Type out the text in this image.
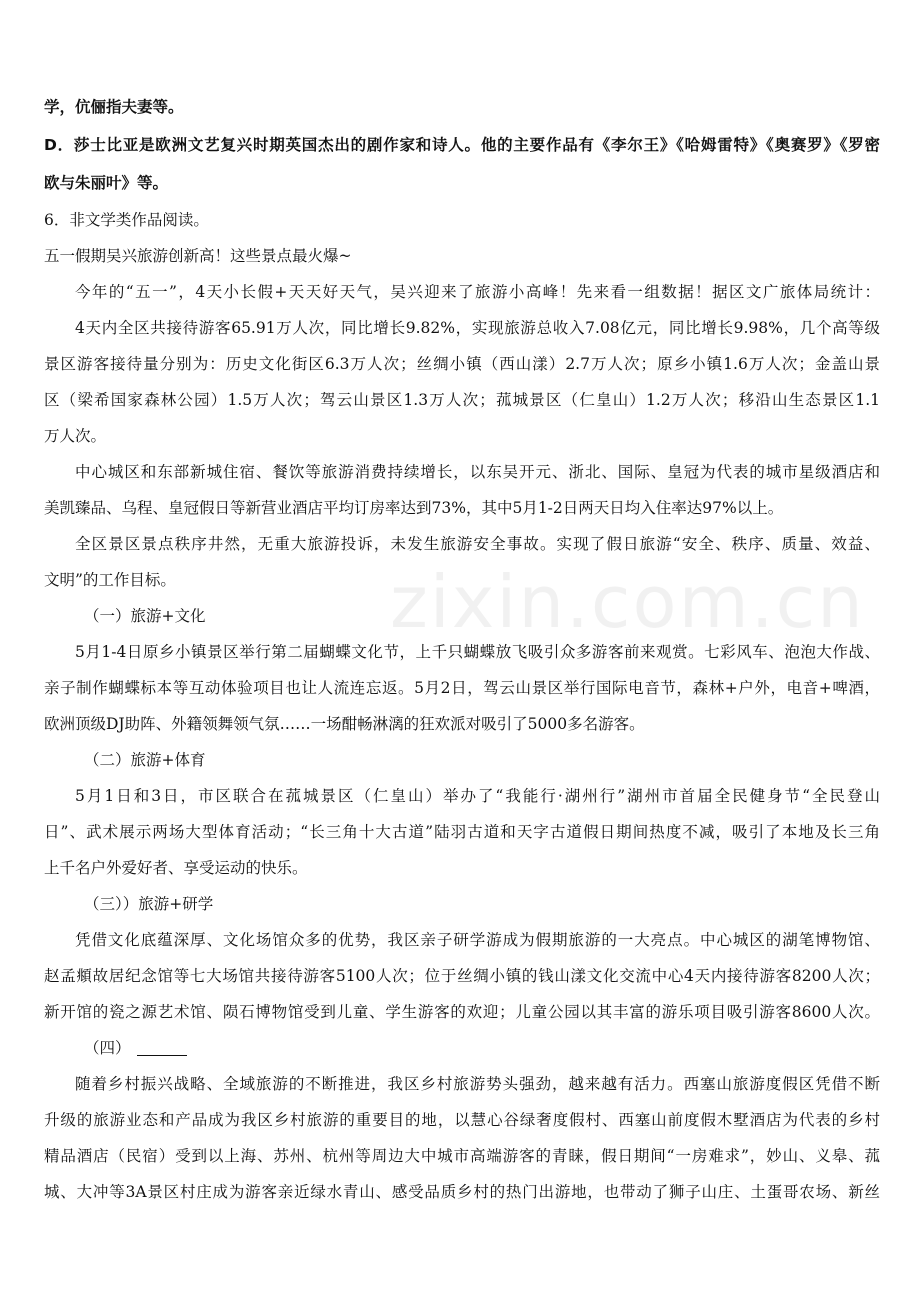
zixin.com.cn
学，伉俪指夫妻等。
D．莎士比亚是欧洲文艺复兴时期英国杰出的剧作家和诗人。他的主要作品有《李尔王》《哈姆雷特》《奥赛罗》《罗密
欧与朱丽叶》等。
6．非文学类作品阅读。
五一假期吴兴旅游创新高！这些景点最火爆~
今年的“五一”，4天小长假+天天好天气，吴兴迎来了旅游小高峰！先来看一组数据！据区文广旅体局统计：
4天内全区共接待游客65.91万人次，同比增长9.82%，实现旅游总收入7.08亿元，同比增长9.98%，几个高等级
景区游客接待量分别为：历史文化街区6.3万人次；丝绸小镇（西山漾）2.7万人次；原乡小镇1.6万人次；金盖山景
区（梁希国家森林公园）1.5万人次；驾云山景区1.3万人次；菰城景区（仁皇山）1.2万人次；移沿山生态景区1.1
万人次。
中心城区和东部新城住宿、餐饮等旅游消费持续增长，以东吴开元、浙北、国际、皇冠为代表的城市星级酒店和
美凯臻品、乌程、皇冠假日等新营业酒店平均订房率达到73%，其中5月1-2日两天日均入住率达97%以上。
全区景区景点秩序井然，无重大旅游投诉，未发生旅游安全事故。实现了假日旅游“安全、秩序、质量、效益、
文明”的工作目标。
（一）旅游+文化
5月1-4日原乡小镇景区举行第二届蝴蝶文化节，上千只蝴蝶放飞吸引众多游客前来观赏。七彩风车、泡泡大作战、
亲子制作蝴蝶标本等互动体验项目也让人流连忘返。5月2日，驾云山景区举行国际电音节，森林+户外，电音+啤酒，
欧洲顶级DJ助阵、外籍领舞领气氛……一场酣畅淋漓的狂欢派对吸引了5000多名游客。
（二）旅游+体育
5月1日和3日，市区联合在菰城景区（仁皇山）举办了“我能行·湖州行”湖州市首届全民健身节“全民登山
日”、武术展示两场大型体育活动；“长三角十大古道”陆羽古道和天字古道假日期间热度不减，吸引了本地及长三角
上千名户外爱好者、享受运动的快乐。
（三））旅游+研学
凭借文化底蕴深厚、文化场馆众多的优势，我区亲子研学游成为假期旅游的一大亮点。中心城区的湖笔博物馆、
赵孟頫故居纪念馆等七大场馆共接待游客5100人次；位于丝绸小镇的钱山漾文化交流中心4天内接待游客8200人次；
新开馆的瓷之源艺术馆、陨石博物馆受到儿童、学生游客的欢迎；儿童公园以其丰富的游乐项目吸引游客8600人次。
（四）
随着乡村振兴战略、全域旅游的不断推进，我区乡村旅游势头强劲，越来越有活力。西塞山旅游度假区凭借不断
升级的旅游业态和产品成为我区乡村旅游的重要目的地，以慧心谷绿奢度假村、西塞山前度假木墅酒店为代表的乡村
精品酒店（民宿）受到以上海、苏州、杭州等周边大中城市高端游客的青睐，假日期间“一房难求”，妙山、义皋、菰
城、大冲等3A景区村庄成为游客亲近绿水青山、感受品质乡村的热门出游地，也带动了狮子山庄、土蛋哥农场、新丝
